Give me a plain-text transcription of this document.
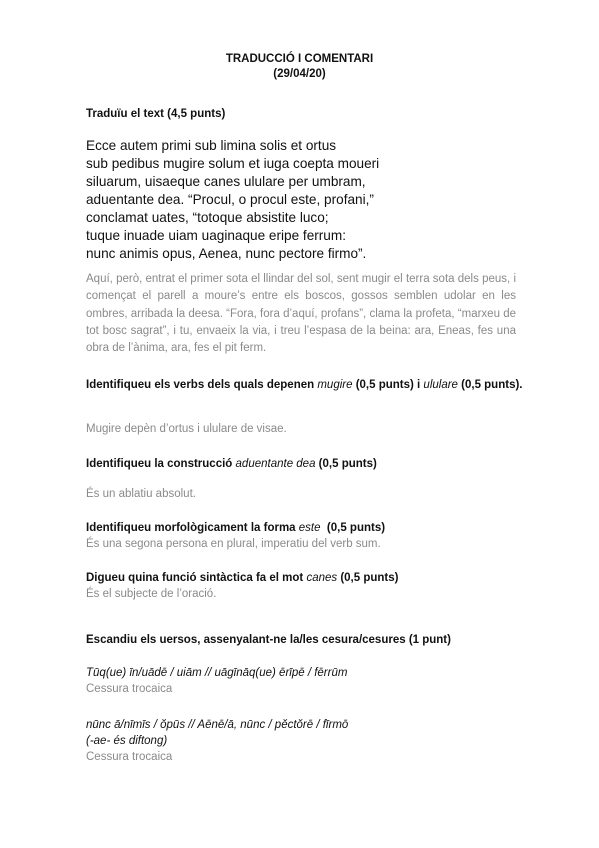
TRADUCCIÓ I COMENTARI
(29/04/20)
Traduïu el text (4,5 punts)
Ecce autem primi sub limina solis et ortus
sub pedibus mugire solum et iuga coepta moueri
siluarum, uisaeque canes ululare per umbram,
aduentante dea. “Procul, o procul este, profani,”
conclamat uates, “totoque absistite luco;
tuque inuade uiam uaginaque eripe ferrum:
nunc animis opus, Aenea, nunc pectore firmo”.
Aquí, però, entrat el primer sota el llindar del sol, sent mugir el terra sota dels peus, i començat el parell a moure’s entre els boscos, gossos semblen udolar en les ombres, arribada la deesa. “Fora, fora d’aquí, profans”, clama la profeta, “marxeu de tot bosc sagrat”, i tu, envaeix la via, i treu l’espasa de la beina: ara, Eneas, fes una obra de l’ànima, ara, fes el pit ferm.
Identifiqueu els verbs dels quals depenen mugire (0,5 punts) i ululare (0,5 punts).
Mugire depèn d’ortus i ululare de visae.
Identifiqueu la construcció aduentante dea (0,5 punts)
És un ablatiu absolut.
Identifiqueu morfològicament la forma este  (0,5 punts)
És una segona persona en plural, imperatiu del verb sum.
Digueu quina funció sintàctica fa el mot canes (0,5 punts)
És el subjecte de l’oració.
Escandiu els uersos, assenyalant-ne la/les cesura/cesures (1 punt)
Tūq(ue) īn/uādē / uiām // uāgīnāq(ue) ērīpē / fērrūm
Cessura trocaica
nūnc ā/nīmīs / ŏpūs // Aēnē/ā, nūnc / pĕctŏrē / fīrmō
(-ae- és diftong)
Cessura trocaica
